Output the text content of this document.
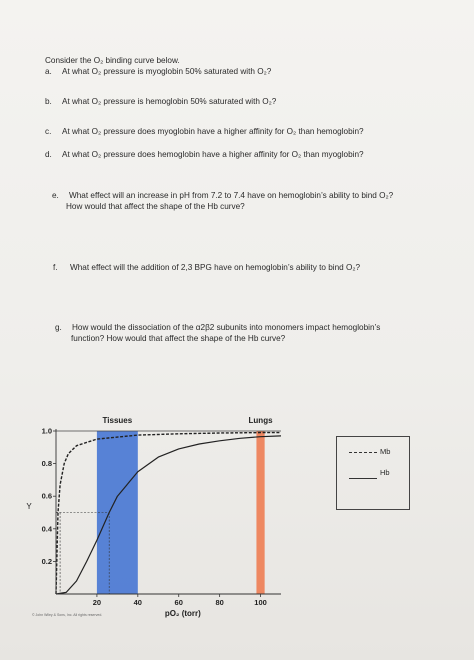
Consider the O₂ binding curve below.
a. At what O₂ pressure is myoglobin 50% saturated with O₂?
b. At what O₂ pressure is hemoglobin 50% saturated with O₂?
c. At what O₂ pressure does myoglobin have a higher affinity for O₂ than hemoglobin?
d. At what O₂ pressure does hemoglobin have a higher affinity for O₂ than myoglobin?
e. What effect will an increase in pH from 7.2 to 7.4 have on hemoglobin’s ability to bind O₂?
How would that affect the shape of the Hb curve?
f. What effect will the addition of 2,3 BPG have on hemoglobin’s ability to bind O₂?
g. How would the dissociation of the α2β2 subunits into monomers impact hemoglobin’s
function? How would that affect the shape of the Hb curve?
Tissues	Lungs
0.2
0.4
0.6
0.8
1.0
20	40	60	80	100
pO₂ (torr)
Y
Mb
Hb
© John Wiley & Sons, Inc. All rights reserved.
